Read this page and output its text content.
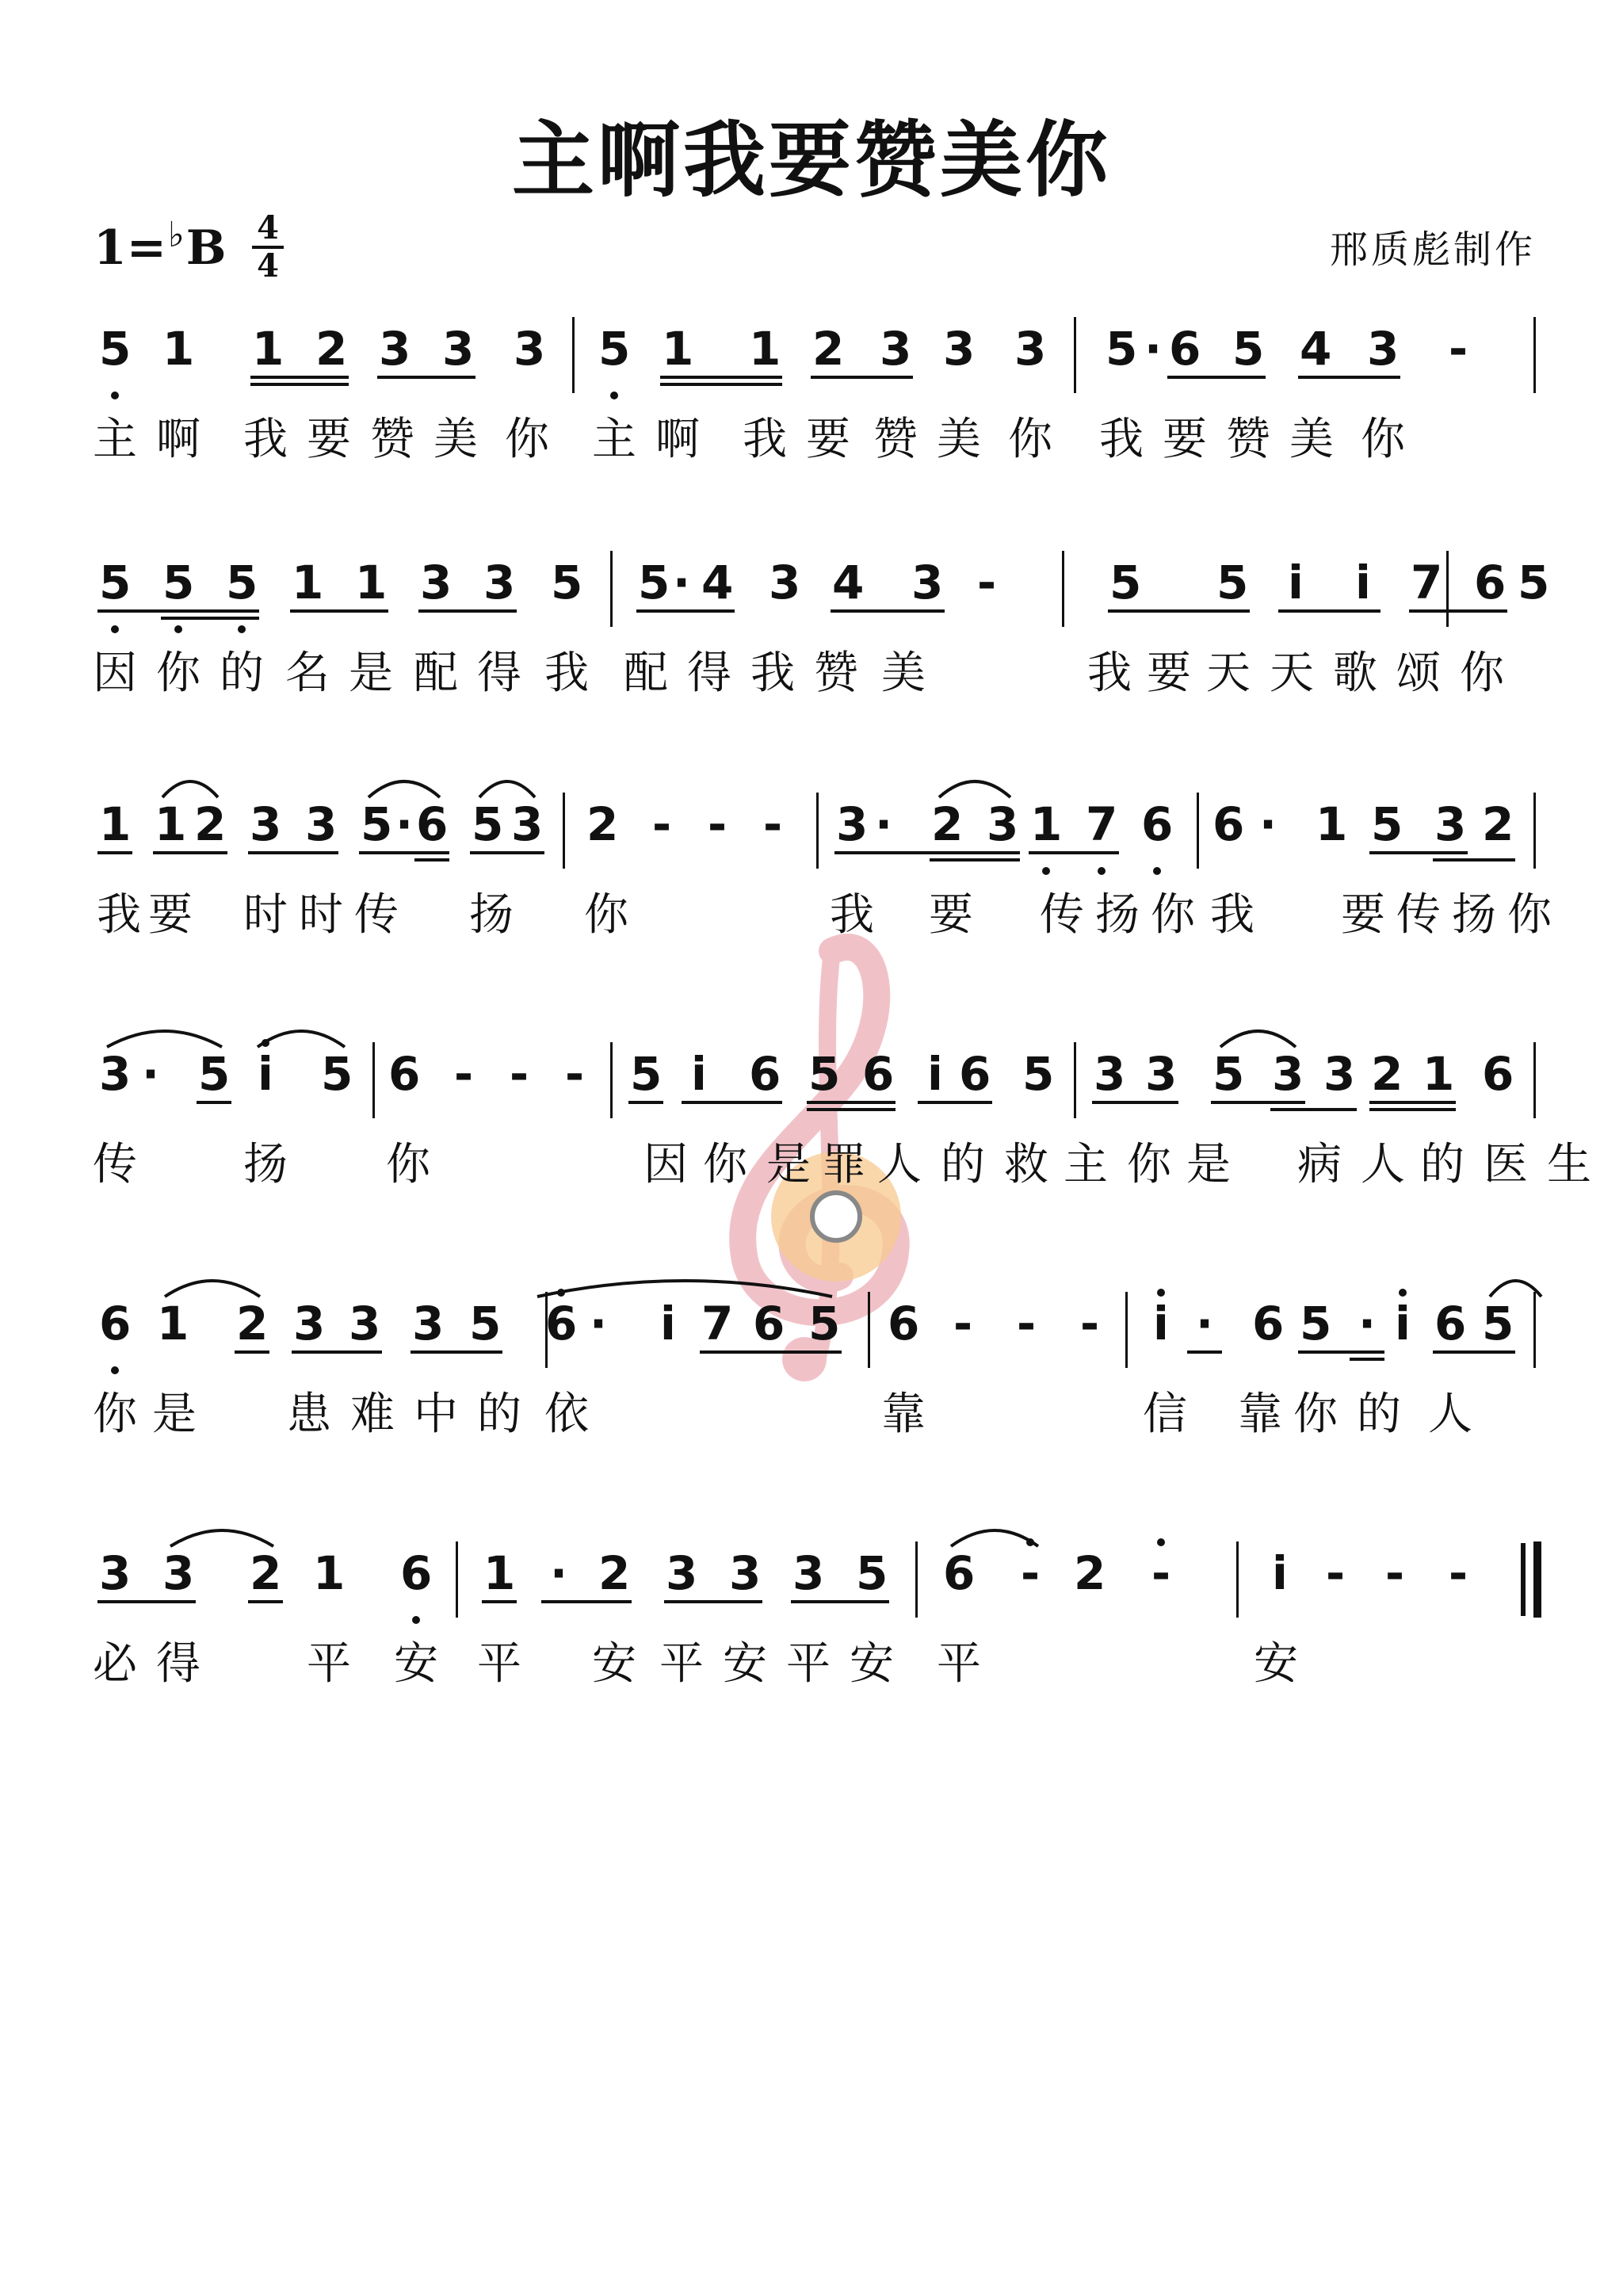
主啊我要赞美你
1=♭B 4
4	邢质彪制作
5 1 1 2 3 3 3 5 1 1 2 3 3 3 5 · 6 5 4 3 -
主 啊 我 要 赞 美 你 主 啊 我 要 赞 美 你 我 要 赞 美 你
5 5 5 1 1 3 3 5 5 · 4 3 4 3 - 5 5 i i 7 6 5
因 你 的 名 是 配 得 我 配 得 我 赞 美	我 要 天 天 歌 颂 你
1 1 2 3 3 5 · 6 5 3 2 - - - 3 · 2 3 1 7 6 6 · 1 5 3 2
我 要 时 时 传 扬 你	我 要 传 扬 你 我 要 传 扬 你
3 · 5 i 5 6 - - - 5 i 6 5 6 i 6 5 3 3 5 3 3 2 1 6
传 扬 你	因 你 是 罪 人 的 救 主 你 是 病 人 的 医 生
6 1 2 3 3 3 5 6 · i 7 6 5 6 - - - i · 6 5 · i 6 5
你 是 患 难 中 的 依	靠	信 靠 你 的 人
3 3 2 1 6 1 · 2 3 3 3 5 6 - 2 - i - - -
必 得 平 安 平 安 平 安 平 安 平	安
